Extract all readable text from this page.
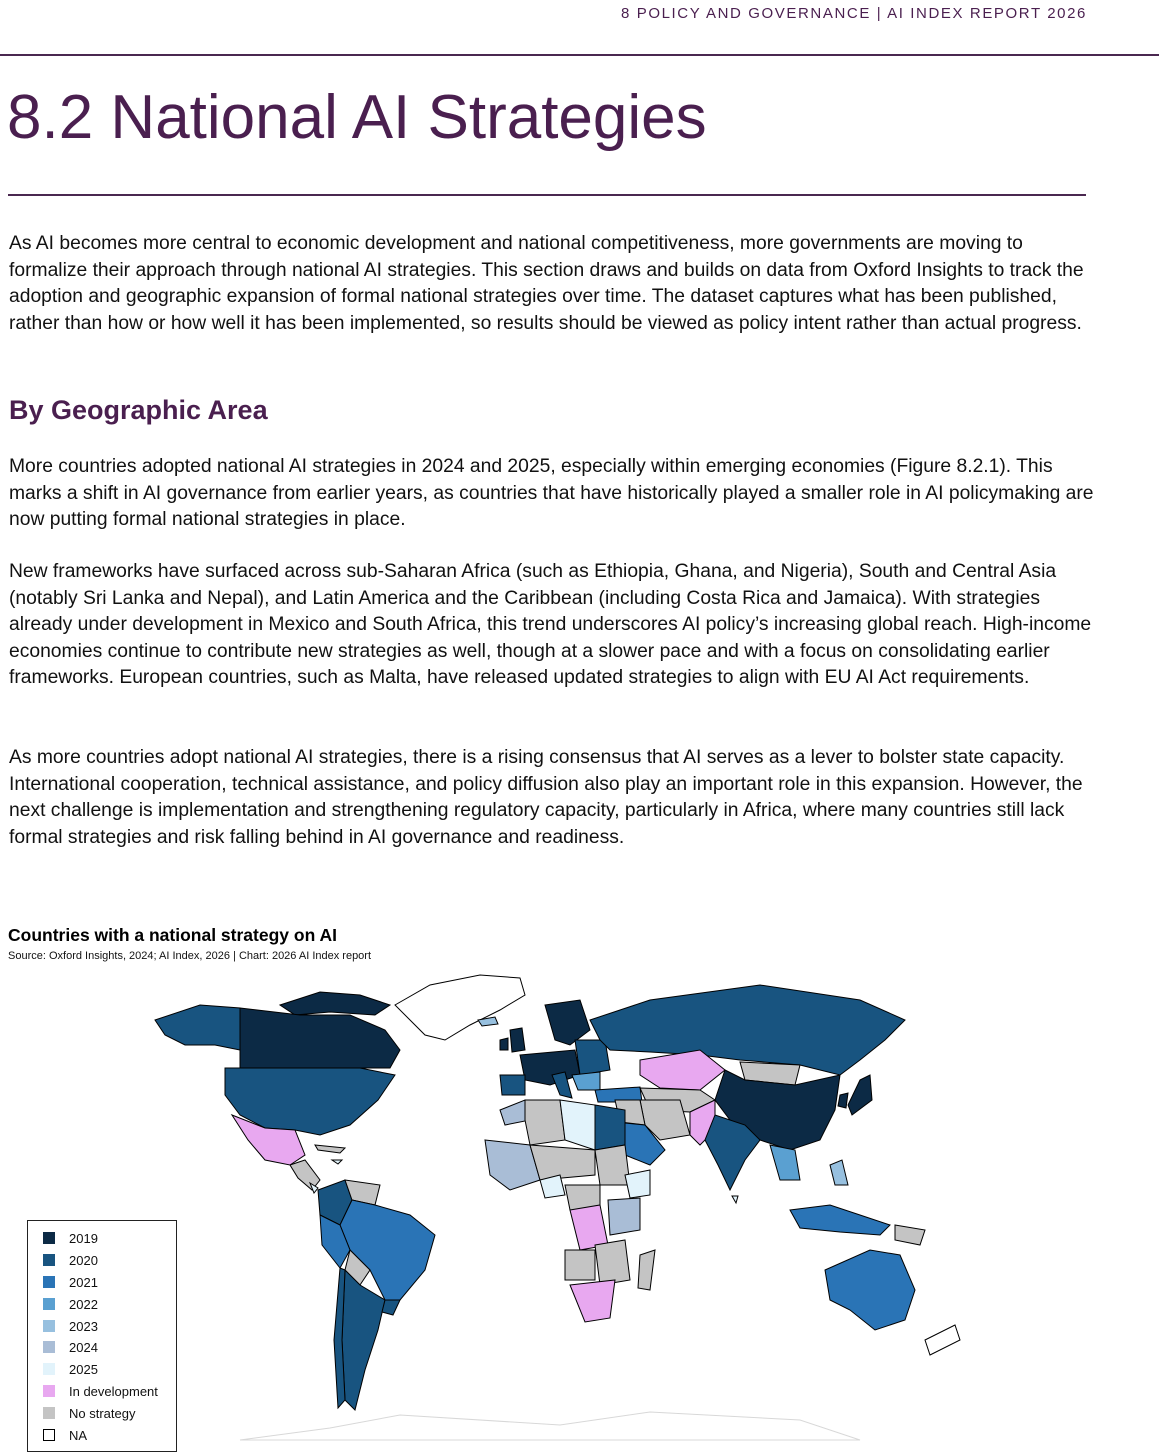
8 POLICY AND GOVERNANCE | AI INDEX REPORT 2026
8.2 National AI Strategies

As AI becomes more central to economic development and national competitiveness, more governments are moving to formalize their approach through national AI strategies. This section draws and builds on data from Oxford Insights to track the adoption and geographic expansion of formal national strategies over time. The dataset captures what has been published, rather than how or how well it has been implemented, so results should be viewed as policy intent rather than actual progress.

By Geographic Area

More countries adopted national AI strategies in 2024 and 2025, especially within emerging economies (Figure 8.2.1). This marks a shift in AI governance from earlier years, as countries that have historically played a smaller role in AI policymaking are now putting formal national strategies in place.

New frameworks have surfaced across sub-Saharan Africa (such as Ethiopia, Ghana, and Nigeria), South and Central Asia (notably Sri Lanka and Nepal), and Latin America and the Caribbean (including Costa Rica and Jamaica). With strategies already under development in Mexico and South Africa, this trend underscores AI policy’s increasing global reach. High-income economies continue to contribute new strategies as well, though at a slower pace and with a focus on consolidating earlier frameworks. European countries, such as Malta, have released updated strategies to align with EU AI Act requirements.

As more countries adopt national AI strategies, there is a rising consensus that AI serves as a lever to bolster state capacity. International cooperation, technical assistance, and policy diffusion also play an important role in this expansion. However, the next challenge is implementation and strengthening regulatory capacity, particularly in Africa, where many countries still lack formal strategies and risk falling behind in AI governance and readiness.

Countries with a national strategy on AI
Source: Oxford Insights, 2024; AI Index, 2026 | Chart: 2026 AI Index report
2019
2020
2021
2022
2023
2024
2025
In development
No strategy
NA
